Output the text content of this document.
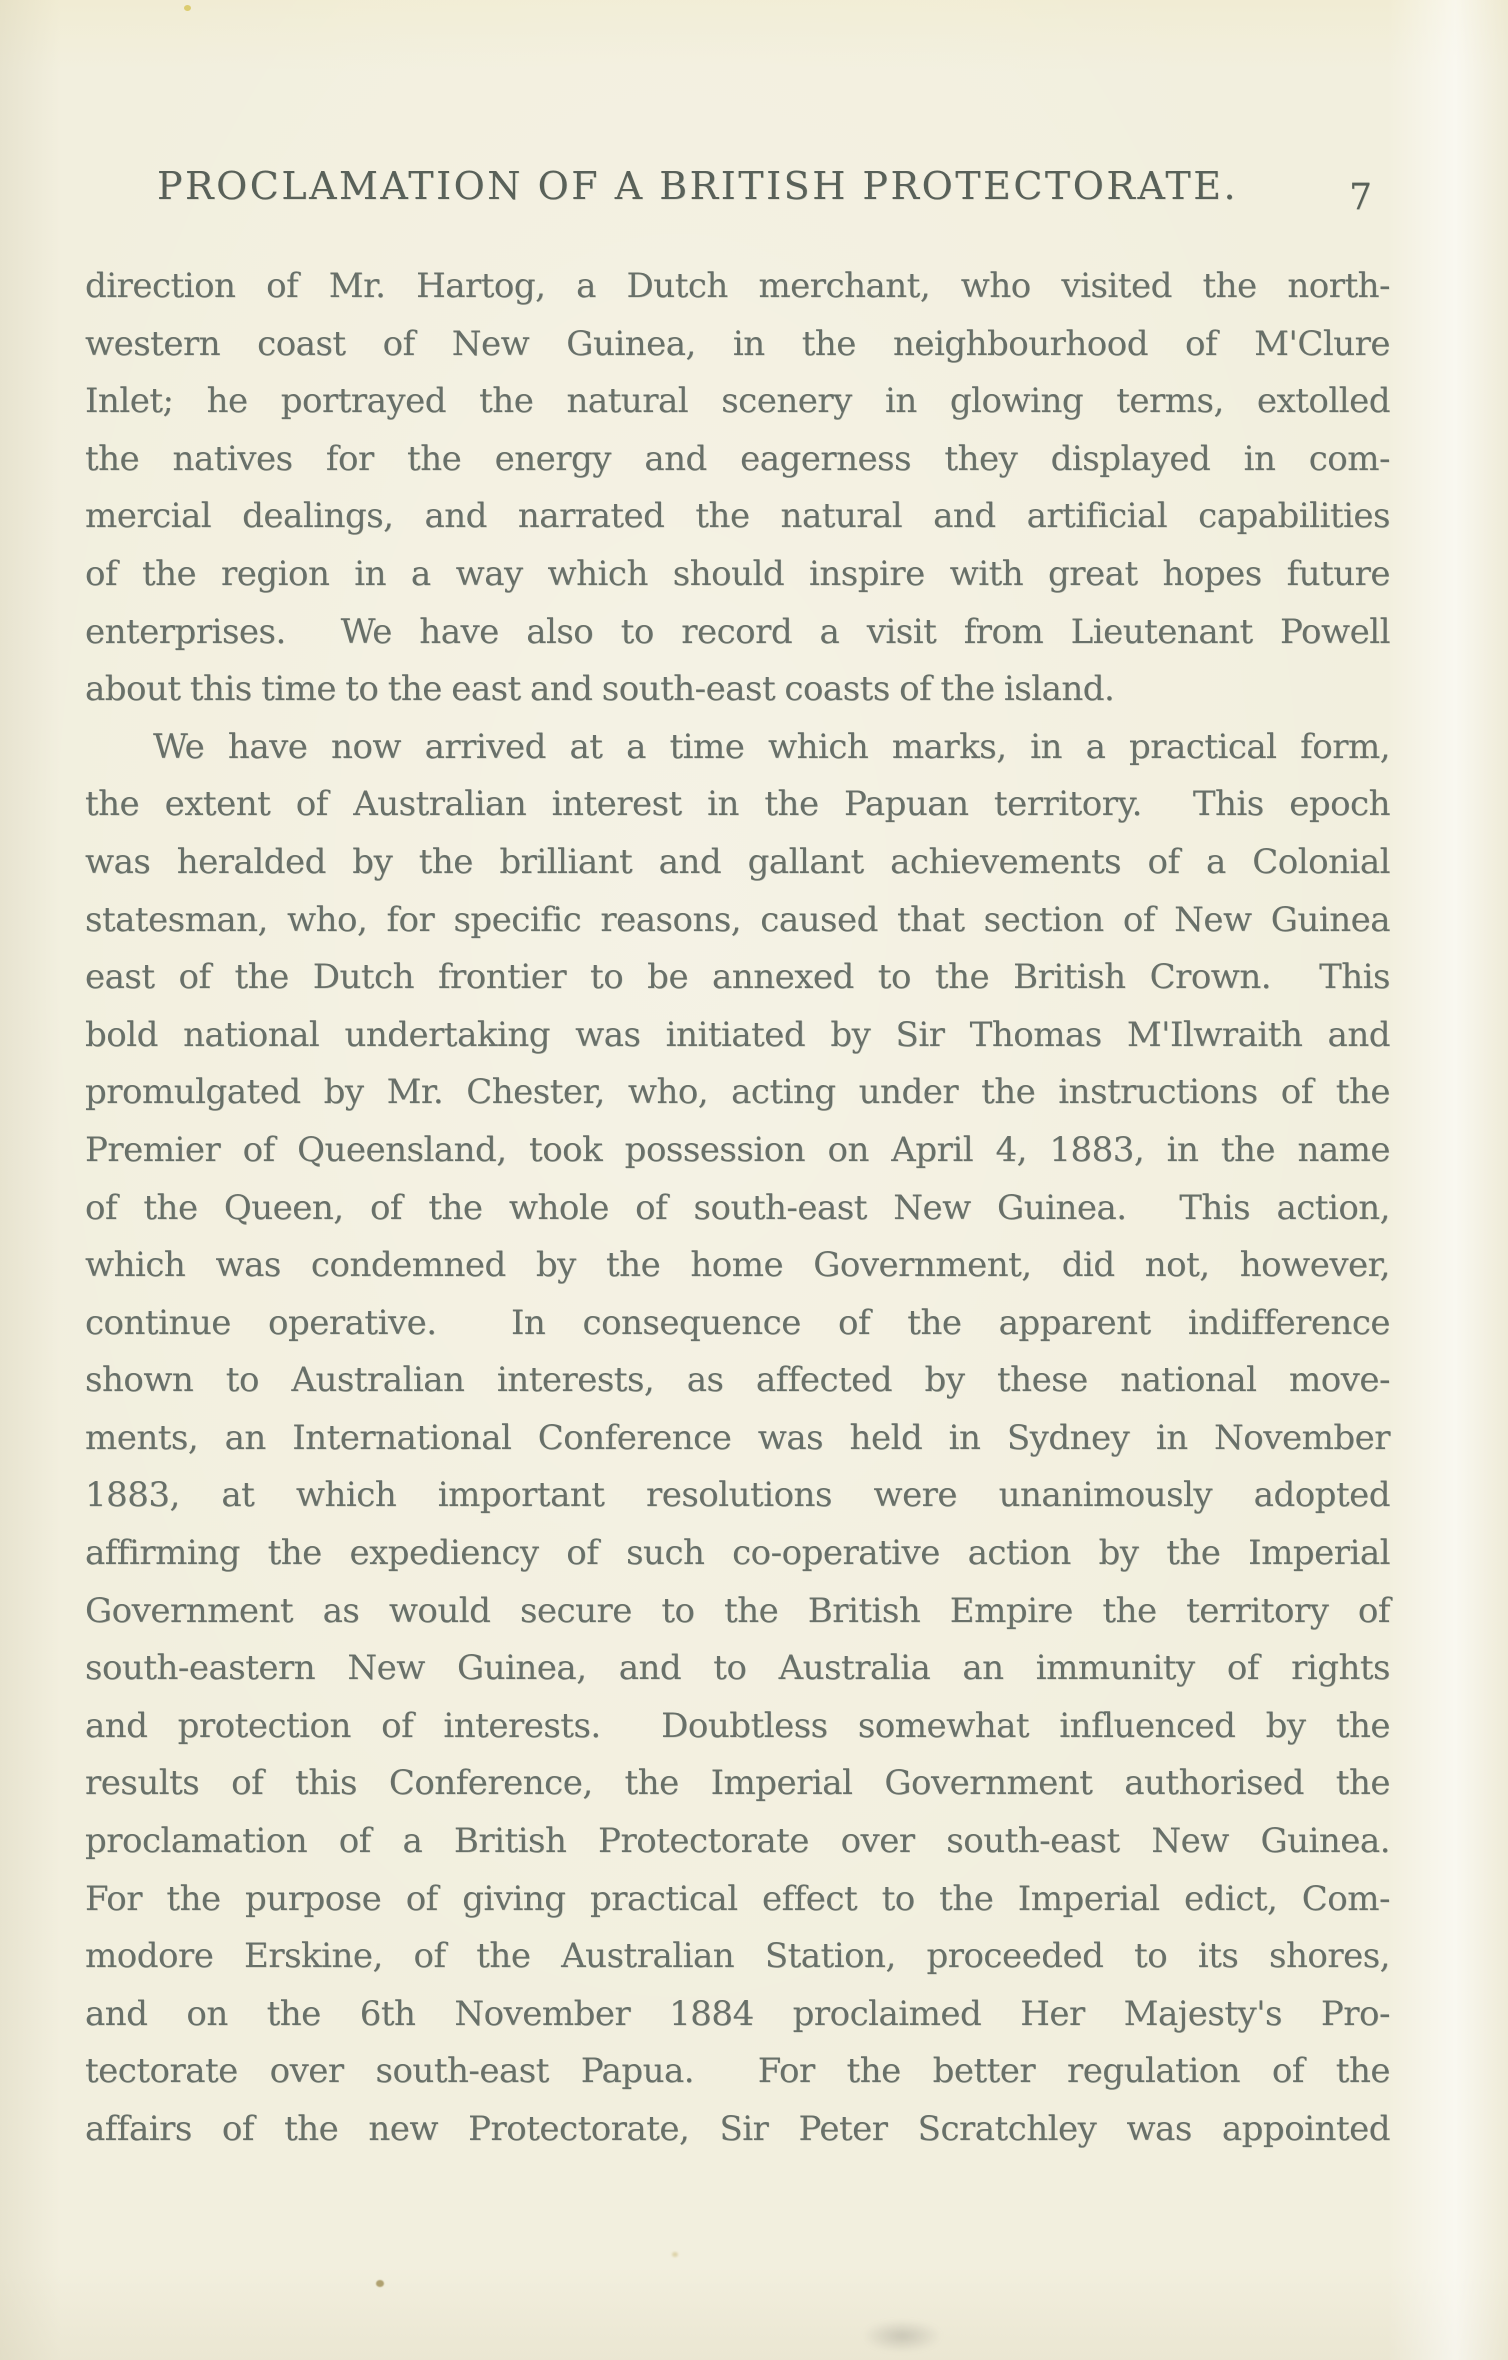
PROCLAMATION OF A BRITISH PROTECTORATE.	7
direction of Mr. Hartog, a Dutch merchant, who visited the north-
western coast of New Guinea, in the neighbourhood of M'Clure
Inlet; he portrayed the natural scenery in glowing terms, extolled
the natives for the energy and eagerness they displayed in com-
mercial dealings, and narrated the natural and artificial capabilities
of the region in a way which should inspire with great hopes future
enterprises.  We have also to record a visit from Lieutenant Powell
about this time to the east and south-east coasts of the island.
We have now arrived at a time which marks, in a practical form,
the extent of Australian interest in the Papuan territory.  This epoch
was heralded by the brilliant and gallant achievements of a Colonial
statesman, who, for specific reasons, caused that section of New Guinea
east of the Dutch frontier to be annexed to the British Crown.  This
bold national undertaking was initiated by Sir Thomas M'Ilwraith and
promulgated by Mr. Chester, who, acting under the instructions of the
Premier of Queensland, took possession on April 4, 1883, in the name
of the Queen, of the whole of south-east New Guinea.  This action,
which was condemned by the home Government, did not, however,
continue operative.  In consequence of the apparent indifference
shown to Australian interests, as affected by these national move-
ments, an International Conference was held in Sydney in November
1883, at which important resolutions were unanimously adopted
affirming the expediency of such co-operative action by the Imperial
Government as would secure to the British Empire the territory of
south-eastern New Guinea, and to Australia an immunity of rights
and protection of interests.  Doubtless somewhat influenced by the
results of this Conference, the Imperial Government authorised the
proclamation of a British Protectorate over south-east New Guinea.
For the purpose of giving practical effect to the Imperial edict, Com-
modore Erskine, of the Australian Station, proceeded to its shores,
and on the 6th November 1884 proclaimed Her Majesty's Pro-
tectorate over south-east Papua.  For the better regulation of the
affairs of the new Protectorate, Sir Peter Scratchley was appointed
